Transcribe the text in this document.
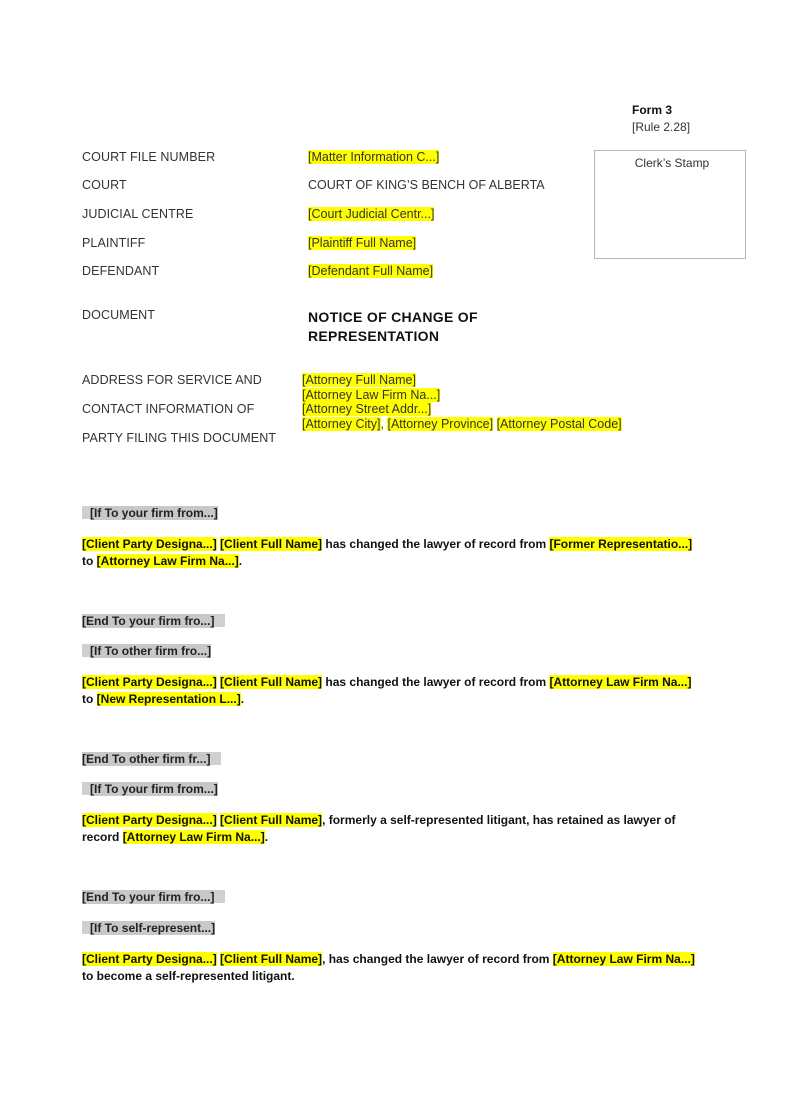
Form 3
[Rule 2.28]
Clerk’s Stamp
COURT FILE NUMBER	[Matter Information C...]
COURT	COURT OF KING’S BENCH OF ALBERTA
JUDICIAL CENTRE	[Court Judicial Centr...]
PLAINTIFF	[Plaintiff Full Name]
DEFENDANT	[Defendant Full Name]
DOCUMENT	NOTICE OF CHANGE OF
REPRESENTATION
ADDRESS FOR SERVICE AND
CONTACT INFORMATION OF
PARTY FILING THIS DOCUMENT
[Attorney Full Name]
[Attorney Law Firm Na...]
[Attorney Street Addr...]
[Attorney City], [Attorney Province] [Attorney Postal Code]
[If To your firm from...]
[Client Party Designa...] [Client Full Name] has changed the lawyer of record from [Former Representatio...]
to [Attorney Law Firm Na...].
[End To your firm fro...]
[If To other firm fro...]
[Client Party Designa...] [Client Full Name] has changed the lawyer of record from [Attorney Law Firm Na...]
to [New Representation L...].
[End To other firm fr...]
[If To your firm from...]
[Client Party Designa...] [Client Full Name], formerly a self-represented litigant, has retained as lawyer of
record [Attorney Law Firm Na...].
[End To your firm fro...]
[If To self-represent...]
[Client Party Designa...] [Client Full Name], has changed the lawyer of record from [Attorney Law Firm Na...]
to become a self-represented litigant.
